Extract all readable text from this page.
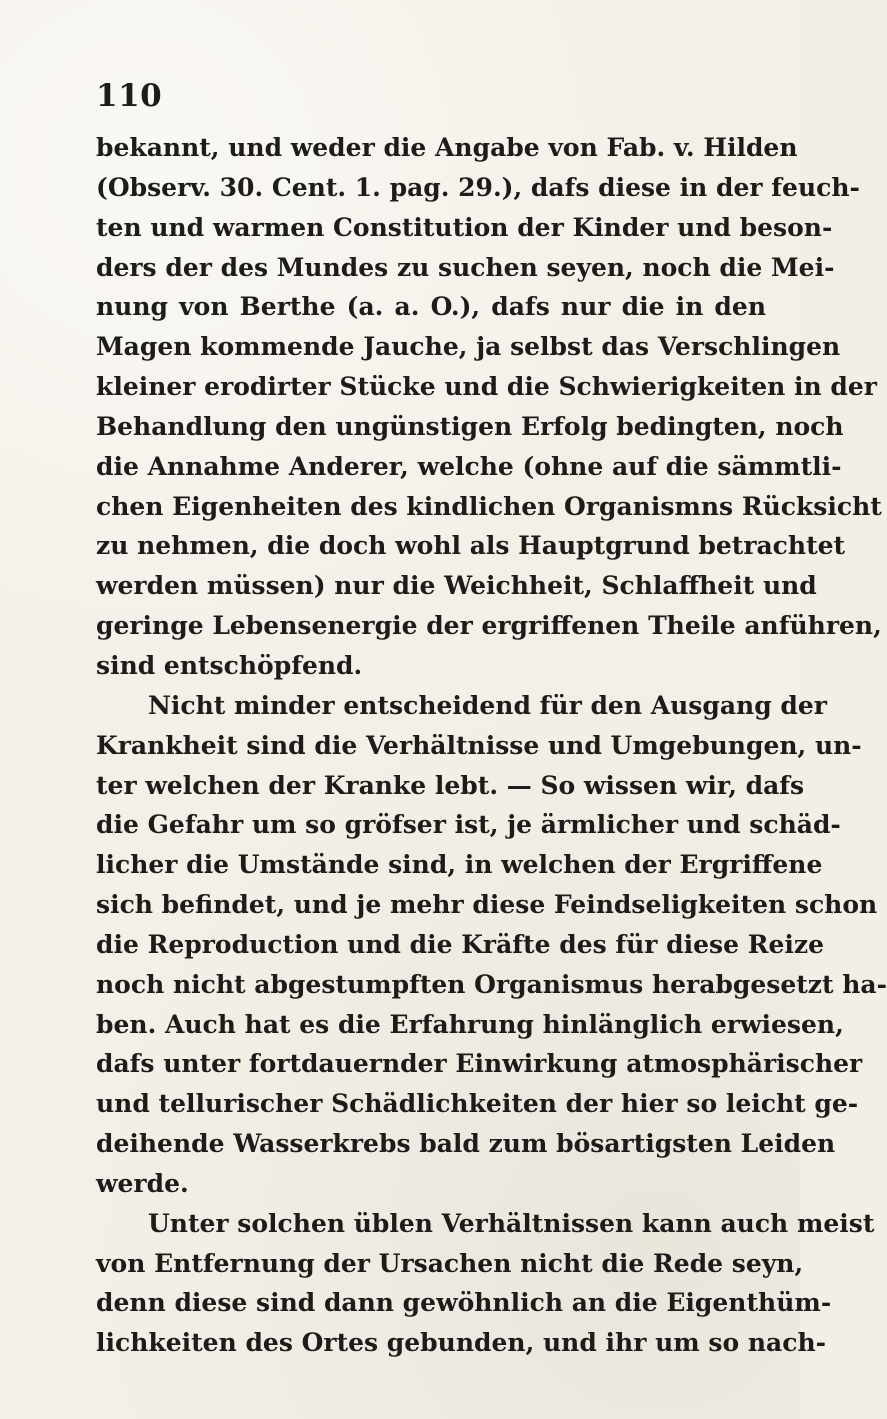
110
bekannt, und weder die Angabe von Fab. v. Hilden
(Observ. 30. Cent. 1. pag. 29.), dafs diese in der feuch-
ten und warmen Constitution der Kinder und beson-
ders der des Mundes zu suchen seyen, noch die Mei-
nung von Berthe (a. a. O.), dafs nur die in den
Magen kommende Jauche, ja selbst das Verschlingen
kleiner erodirter Stücke und die Schwierigkeiten in der
Behandlung den ungünstigen Erfolg bedingten, noch
die Annahme Anderer, welche (ohne auf die sämmtli-
chen Eigenheiten des kindlichen Organismns Rücksicht
zu nehmen, die doch wohl als Hauptgrund betrachtet
werden müssen) nur die Weichheit, Schlaffheit und
geringe Lebensenergie der ergriffenen Theile anführen,
sind entschöpfend.
Nicht minder entscheidend für den Ausgang der
Krankheit sind die Verhältnisse und Umgebungen, un-
ter welchen der Kranke lebt. — So wissen wir, dafs
die Gefahr um so gröfser ist, je ärmlicher und schäd-
licher die Umstände sind, in welchen der Ergriffene
sich befindet, und je mehr diese Feindseligkeiten schon
die Reproduction und die Kräfte des für diese Reize
noch nicht abgestumpften Organismus herabgesetzt ha-
ben. Auch hat es die Erfahrung hinlänglich erwiesen,
dafs unter fortdauernder Einwirkung atmosphärischer
und tellurischer Schädlichkeiten der hier so leicht ge-
deihende Wasserkrebs bald zum bösartigsten Leiden
werde.
Unter solchen üblen Verhältnissen kann auch meist
von Entfernung der Ursachen nicht die Rede seyn,
denn diese sind dann gewöhnlich an die Eigenthüm-
lichkeiten des Ortes gebunden, und ihr um so nach-
